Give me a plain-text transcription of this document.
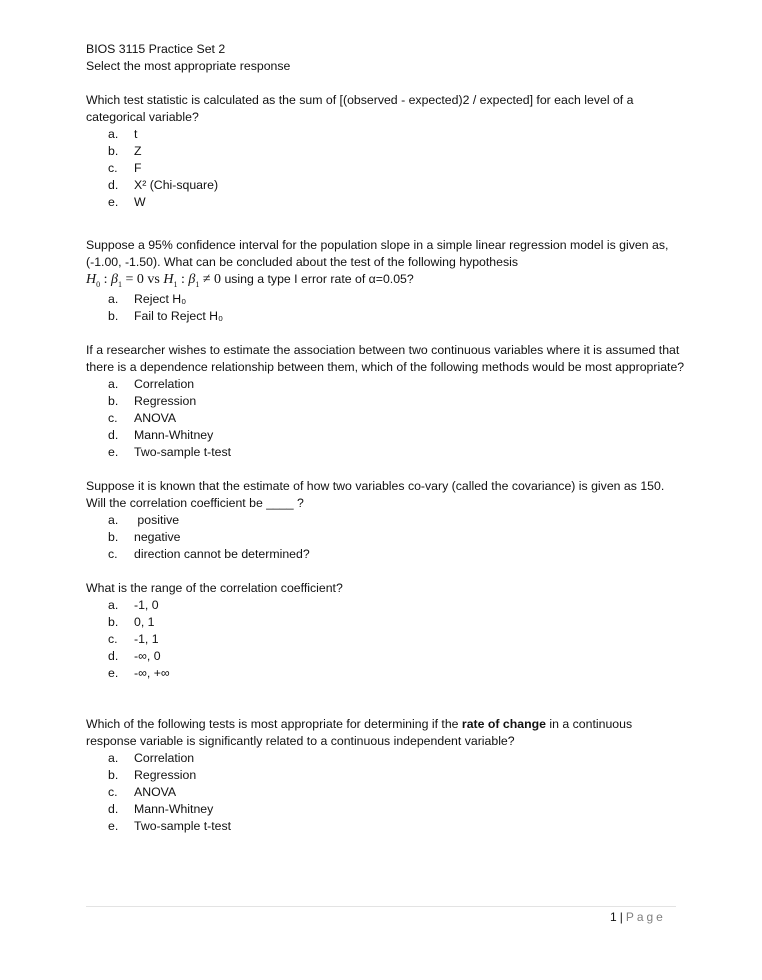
BIOS 3115 Practice Set 2

Select the most appropriate response

Which test statistic is calculated as the sum of [(observed - expected)2 / expected] for each level of a categorical variable?

a.	t
b.	Z
c.	F
d.	X² (Chi-square)
e.	W

Suppose a 95% confidence interval for the population slope in a simple linear regression model is given as, (-1.00, -1.50). What can be concluded about the test of the following hypothesis

$H_0$ : $\beta_1 = 0$ vs $H_1$ : $\beta_1 \ne 0$ using a type I error rate of α=0.05?

a.	Reject H₀
b.	Fail to Reject H₀

If a researcher wishes to estimate the association between two continuous variables where it is assumed that there is a dependence relationship between them, which of the following methods would be most appropriate?

a.	Correlation
b.	Regression
c.	ANOVA
d.	Mann-Whitney
e.	Two-sample t-test

Suppose it is known that the estimate of how two variables co-vary (called the covariance) is given as 150. Will the correlation coefficient be ____ ?

a.	positive
b.	negative
c.	direction cannot be determined?

What is the range of the correlation coefficient?

a.	-1, 0
b.	0, 1
c.	-1, 1
d.	-∞, 0
e.	-∞, +∞

Which of the following tests is most appropriate for determining if the rate of change in a continuous response variable is significantly related to a continuous independent variable?

a.	Correlation
b.	Regression
c.	ANOVA
d.	Mann-Whitney
e.	Two-sample t-test
1 | Page
